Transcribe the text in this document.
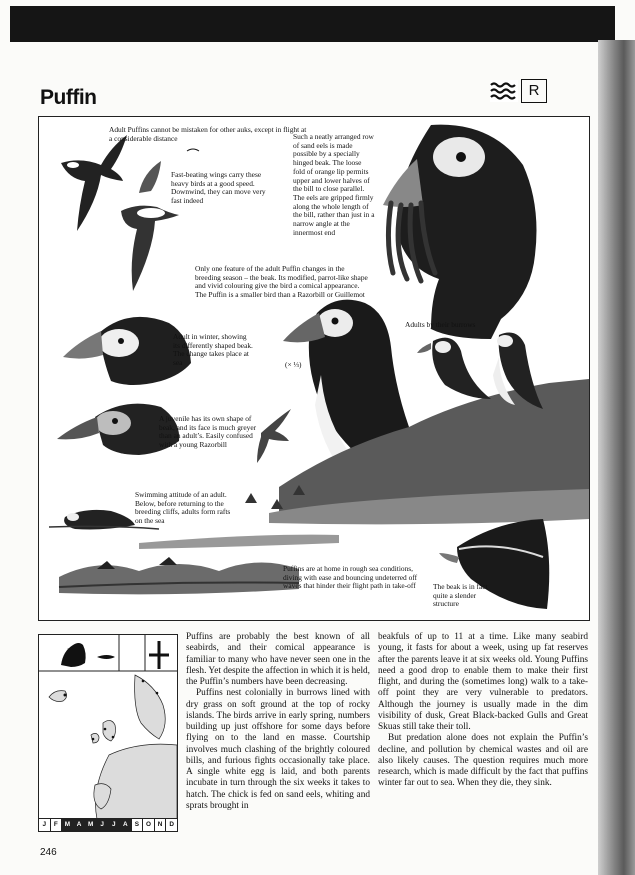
Puffin	R
Adult Puffins cannot be mistaken for other auks, except in flight at a considerable distance
Fast-beating wings carry these heavy birds at a good speed. Downwind, they can move very fast indeed
Such a neatly arranged row of sand eels is made possible by a specially hinged beak. The loose fold of orange lip permits upper and lower halves of the bill to close parallel. The eels are gripped firmly along the whole length of the bill, rather than just in a narrow angle at the innermost end
Only one feature of the adult Puffin changes in the breeding season – the beak. Its modified, parrot-like shape and vivid colouring give the bird a comical appearance. The Puffin is a smaller bird than a Razorbill or Guillemot
Adult in winter, showing its differently shaped beak. The change takes place at sea
Adults by their burrows
(× ⅓)
A juvenile has its own shape of beak, and its face is much greyer than an adult’s. Easily confused with a young Razorbill
Swimming attitude of an adult. Below, before returning to the breeding cliffs, adults form rafts on the sea
Puffins are at home in rough sea conditions, diving with ease and bouncing undeterred off waves that hinder their flight path in take-off	The beak is in fact quite a slender structure
J	F	M	A	M	J	J	A	S	O	N	D

Puffins are probably the best known of all seabirds, and their comical appearance is familiar to many who have never seen one in the flesh. Yet despite the affection in which it is held, the Puffin’s numbers have been decreasing.

Puffins nest colonially in burrows lined with dry grass on soft ground at the top of rocky islands. The birds arrive in early spring, numbers building up just offshore for some days before flying on to the land en masse. Courtship involves much clashing of the brightly coloured bills, and furious fights occasionally take place. A single white egg is laid, and both parents incubate in turn through the six weeks it takes to hatch. The chick is fed on sand eels, whiting and sprats brought in

beakfuls of up to 11 at a time. Like many seabird young, it fasts for about a week, using up fat reserves after the parents leave it at six weeks old. Young Puffins need a good drop to enable them to make their first flight, and during the (sometimes long) walk to a take-off point they are very vulnerable to predators. Although the journey is usually made in the dim visibility of dusk, Great Black-backed Gulls and Great Skuas still take their toll.

But predation alone does not explain the Puffin’s decline, and pollution by chemical wastes and oil are also likely causes. The question requires much more research, which is made difficult by the fact that puffins winter far out to sea. When they die, they sink.

246
